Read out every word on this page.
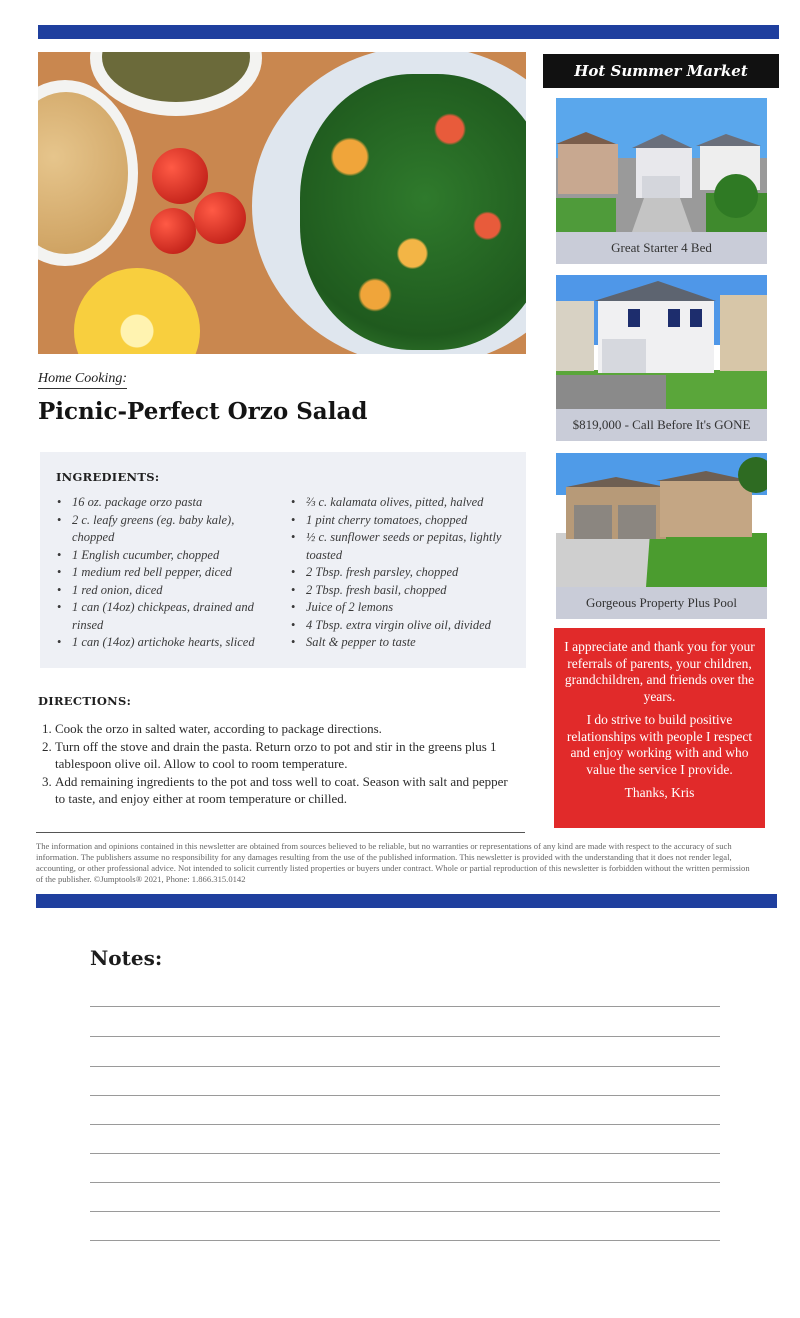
Hot Summer Market
Great Starter 4 Bed
$819,000 - Call Before It's GONE
Gorgeous Property Plus Pool

I appreciate and thank you for your referrals of parents, your children, grandchildren, and friends over the years.

I do strive to build positive relationships with people I respect and enjoy working with and who value the service I provide.

Thanks, Kris

Home Cooking:
Picnic-Perfect Orzo Salad
INGREDIENTS:
• 16 oz. package orzo pasta
• 2 c. leafy greens (eg. baby kale), chopped
• 1 English cucumber, chopped
• 1 medium red bell pepper, diced
• 1 red onion, diced
• 1 can (14oz) chickpeas, drained and rinsed
• 1 can (14oz) artichoke hearts, sliced
• ⅔ c. kalamata olives, pitted, halved
• 1 pint cherry tomatoes, chopped
• ½ c. sunflower seeds or pepitas, lightly toasted
• 2 Tbsp. fresh parsley, chopped
• 2 Tbsp. fresh basil, chopped
• Juice of 2 lemons
• 4 Tbsp. extra virgin olive oil, divided
• Salt & pepper to taste
DIRECTIONS:
1. Cook the orzo in salted water, according to package directions.
2. Turn off the stove and drain the pasta. Return orzo to pot and stir in the greens plus 1 tablespoon olive oil. Allow to cool to room temperature.
3. Add remaining ingredients to the pot and toss well to coat. Season with salt and pepper to taste, and enjoy either at room temperature or chilled.
The information and opinions contained in this newsletter are obtained from sources believed to be reliable, but no warranties or representations of any kind are made with respect to the accuracy of such information. The publishers assume no responsibility for any damages resulting from the use of the published information. This newsletter is provided with the understanding that it does not render legal, accounting, or other professional advice. Not intended to solicit currently listed properties or buyers under contract. Whole or partial reproduction of this newsletter is forbidden without the written permission of the publisher. ©Jumptools® 2021, Phone: 1.866.315.0142
Notes:
